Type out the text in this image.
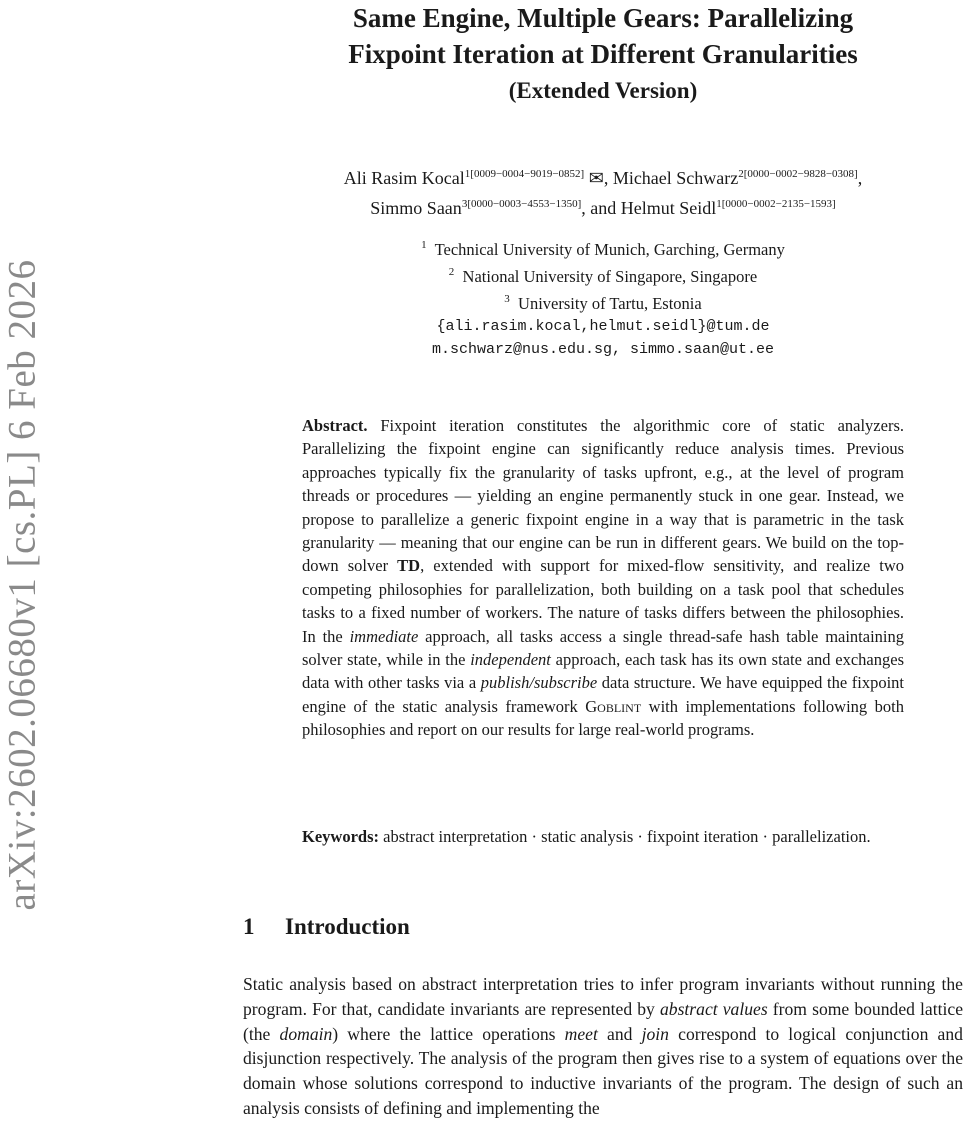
arXiv:2602.06680v1 [cs.PL] 6 Feb 2026
Same Engine, Multiple Gears: Parallelizing
Fixpoint Iteration at Different Granularities
(Extended Version)
Ali Rasim Kocal$^{1[0009-0004-9019-0852]}$ ✉, Michael Schwarz$^{2[0000-0002-9828-0308]}$,
Simmo Saan$^{3[0000-0003-4553-1350]}$, and Helmut Seidl$^{1[0000-0002-2135-1593]}$
$^1$ Technical University of Munich, Garching, Germany
$^2$ National University of Singapore, Singapore
$^3$ University of Tartu, Estonia
{ali.rasim.kocal,helmut.seidl}@tum.de
m.schwarz@nus.edu.sg, simmo.saan@ut.ee
Abstract. Fixpoint iteration constitutes the algorithmic core of static analyzers. Parallelizing the fixpoint engine can significantly reduce analysis times. Previous approaches typically fix the granularity of tasks upfront, e.g., at the level of program threads or procedures — yielding an engine permanently stuck in one gear. Instead, we propose to parallelize a generic fixpoint engine in a way that is parametric in the task granularity — meaning that our engine can be run in different gears. We build on the top-down solver TD, extended with support for mixed-flow sensitivity, and realize two competing philosophies for parallelization, both building on a task pool that schedules tasks to a fixed number of workers. The nature of tasks differs between the philosophies. In the immediate approach, all tasks access a single thread-safe hash table maintaining solver state, while in the independent approach, each task has its own state and exchanges data with other tasks via a publish/subscribe data structure. We have equipped the fixpoint engine of the static analysis framework Goblint with implementations following both philosophies and report on our results for large real-world programs.
Keywords: abstract interpretation · static analysis · fixpoint iteration · parallelization.
1 Introduction
Static analysis based on abstract interpretation tries to infer program invariants without running the program. For that, candidate invariants are represented by abstract values from some bounded lattice (the domain) where the lattice operations meet and join correspond to logical conjunction and disjunction respectively. The analysis of the program then gives rise to a system of equations over the domain whose solutions correspond to inductive invariants of the program. The design of such an analysis consists of defining and implementing the
